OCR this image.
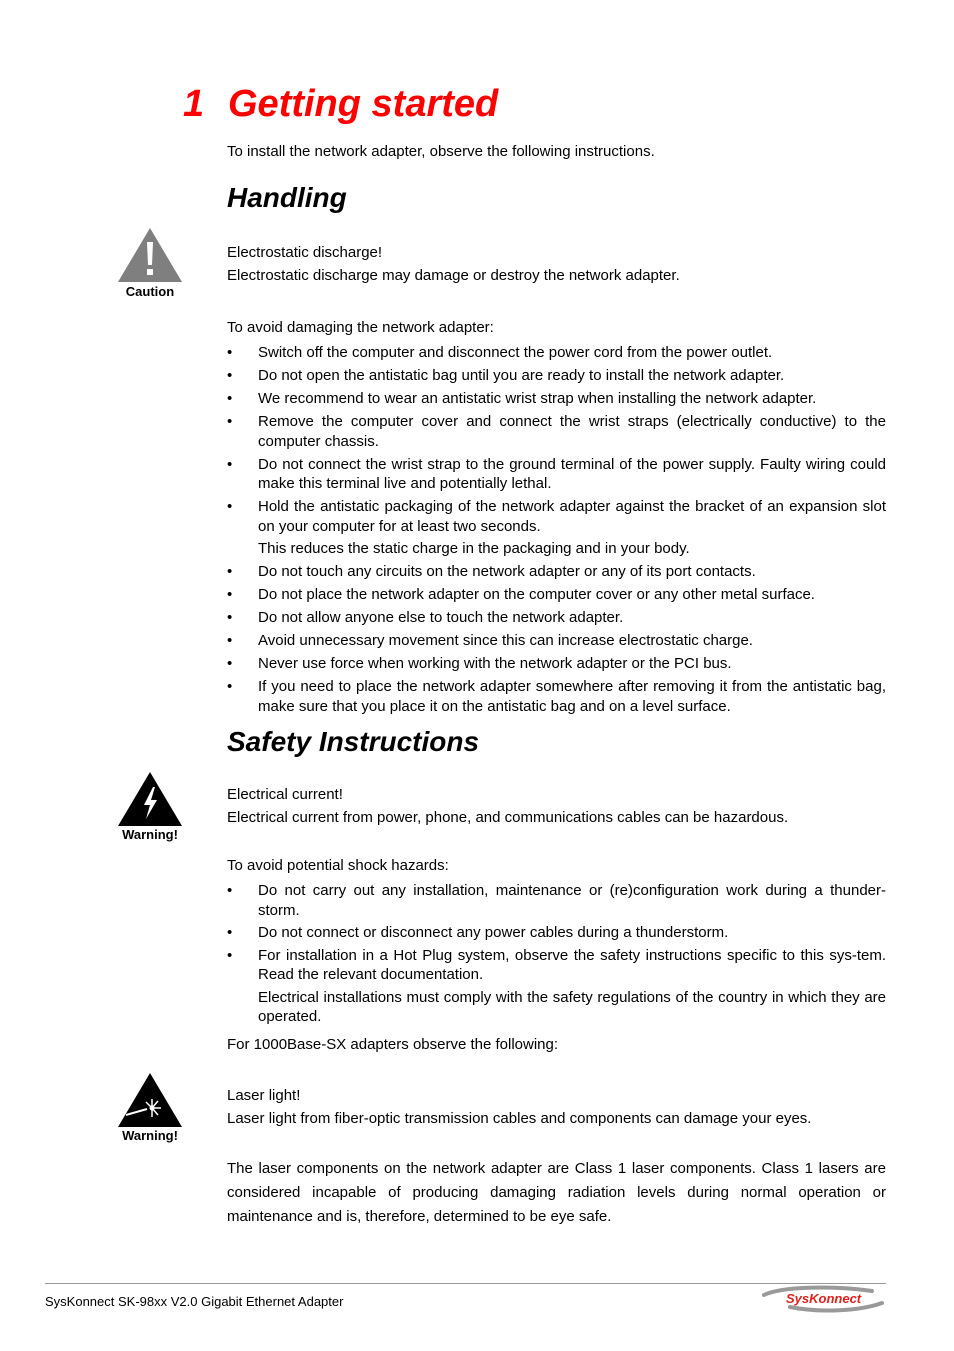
1 Getting started

To install the network adapter, observe the following instructions.

Handling
Caution

Electrostatic discharge!

Electrostatic discharge may damage or destroy the network adapter.

To avoid damaging the network adapter:

• Switch off the computer and disconnect the power cord from the power outlet.
• Do not open the antistatic bag until you are ready to install the network adapter.
• We recommend to wear an antistatic wrist strap when installing the network adapter.
• Remove the computer cover and connect the wrist straps (electrically conductive) to the computer chassis.
• Do not connect the wrist strap to the ground terminal of the power supply. Faulty wiring could make this terminal live and potentially lethal.
• Hold the antistatic packaging of the network adapter against the bracket of an expansion slot on your computer for at least two seconds.
This reduces the static charge in the packaging and in your body.
• Do not touch any circuits on the network adapter or any of its port contacts.
• Do not place the network adapter on the computer cover or any other metal surface.
• Do not allow anyone else to touch the network adapter.
• Avoid unnecessary movement since this can increase electrostatic charge.
• Never use force when working with the network adapter or the PCI bus.
• If you need to place the network adapter somewhere after removing it from the antistatic bag, make sure that you place it on the antistatic bag and on a level surface.
Safety Instructions
Warning!

Electrical current!

Electrical current from power, phone, and communications cables can be hazardous.

To avoid potential shock hazards:

• Do not carry out any installation, maintenance or (re)configuration work during a thunder-storm.
• Do not connect or disconnect any power cables during a thunderstorm.
• For installation in a Hot Plug system, observe the safety instructions specific to this sys-tem. Read the relevant documentation.
Electrical installations must comply with the safety regulations of the country in which they are operated.

For 1000Base-SX adapters observe the following:

Warning!

Laser light!

Laser light from fiber-optic transmission cables and components can damage your eyes.

The laser components on the network adapter are Class 1 laser components. Class 1 lasers are considered incapable of producing damaging radiation levels during normal operation or maintenance and is, therefore, determined to be eye safe.

SysKonnect SK-98xx V2.0 Gigabit Ethernet Adapter	SysKonnect
